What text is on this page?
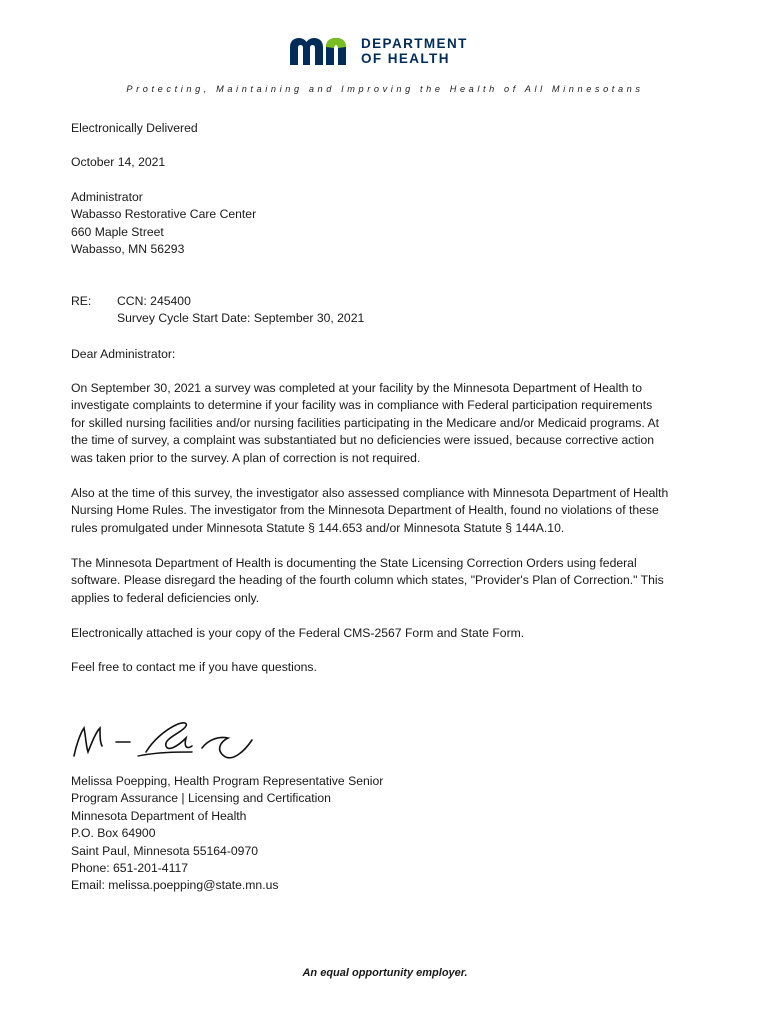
DEPARTMENT
OF HEALTH
Protecting, Maintaining and Improving the Health of All Minnesotans
Electronically Delivered
October 14, 2021
Administrator
Wabasso Restorative Care Center
660 Maple Street
Wabasso, MN 56293
RE: CCN: 245400
Survey Cycle Start Date: September 30, 2021
Dear Administrator:
On September 30, 2021 a survey was completed at your facility by the Minnesota Department of Health to
investigate complaints to determine if your facility was in compliance with Federal participation requirements
for skilled nursing facilities and/or nursing facilities participating in the Medicare and/or Medicaid programs. At
the time of survey, a complaint was substantiated but no deficiencies were issued, because corrective action
was taken prior to the survey. A plan of correction is not required.
Also at the time of this survey, the investigator also assessed compliance with Minnesota Department of Health
Nursing Home Rules. The investigator from the Minnesota Department of Health, found no violations of these
rules promulgated under Minnesota Statute § 144.653 and/or Minnesota Statute § 144A.10.
The Minnesota Department of Health is documenting the State Licensing Correction Orders using federal
software. Please disregard the heading of the fourth column which states, "Provider's Plan of Correction." This
applies to federal deficiencies only.
Electronically attached is your copy of the Federal CMS-2567 Form and State Form.
Feel free to contact me if you have questions.
Melissa Poepping, Health Program Representative Senior
Program Assurance | Licensing and Certification
Minnesota Department of Health
P.O. Box 64900
Saint Paul, Minnesota 55164-0970
Phone: 651-201-4117
Email: melissa.poepping@state.mn.us
An equal opportunity employer.
